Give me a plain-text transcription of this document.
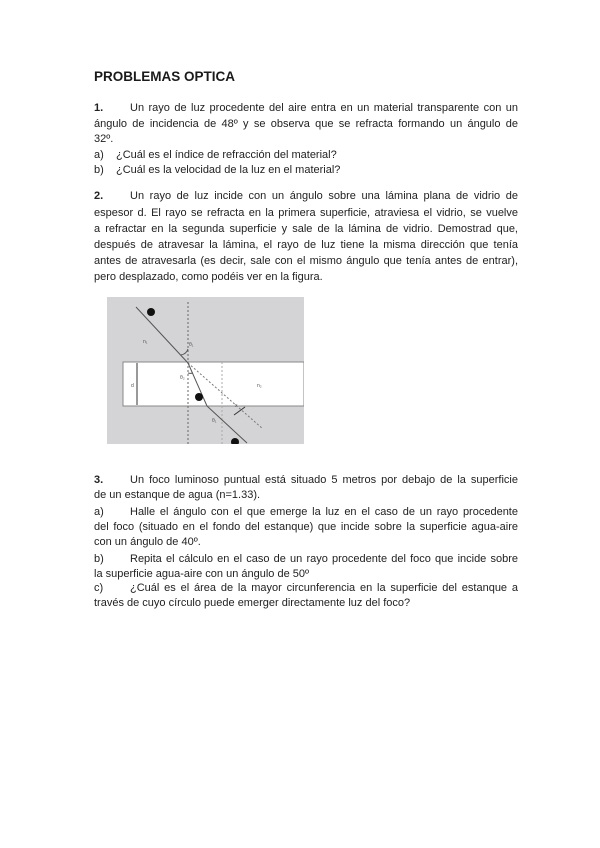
PROBLEMAS OPTICA
1. Un rayo de luz procedente del aire entra en un material transparente con un
ángulo de incidencia de 48º y se observa que se refracta formando un ángulo de
32º.
a) ¿Cuál es el índice de refracción del material?
b) ¿Cuál es la velocidad de la luz en el material?
2. Un rayo de luz incide con un ángulo sobre una lámina plana de vidrio de
espesor d. El rayo se refracta en la primera superficie, atraviesa el vidrio, se vuelve
a refractar en la segunda superficie y sale de la lámina de vidrio. Demostrad que,
después de atravesar la lámina, el rayo de luz tiene la misma dirección que tenía
antes de atravesarla (es decir, sale con el mismo ángulo que tenía antes de entrar),
pero desplazado, como podéis ver en la figura.
n₁
n₂
θ₁
θ₂
θ₁
d
x
3. Un foco luminoso puntual está situado 5 metros por debajo de la superficie
de un estanque de agua (n=1.33).
a) Halle el ángulo con el que emerge la luz en el caso de un rayo procedente
del foco (situado en el fondo del estanque) que incide sobre la superficie agua-aire
con un ángulo de 40º.
b) Repita el cálculo en el caso de un rayo procedente del foco que incide sobre
la superficie agua-aire con un ángulo de 50º
c) ¿Cuál es el área de la mayor circunferencia en la superficie del estanque a
través de cuyo círculo puede emerger directamente luz del foco?
